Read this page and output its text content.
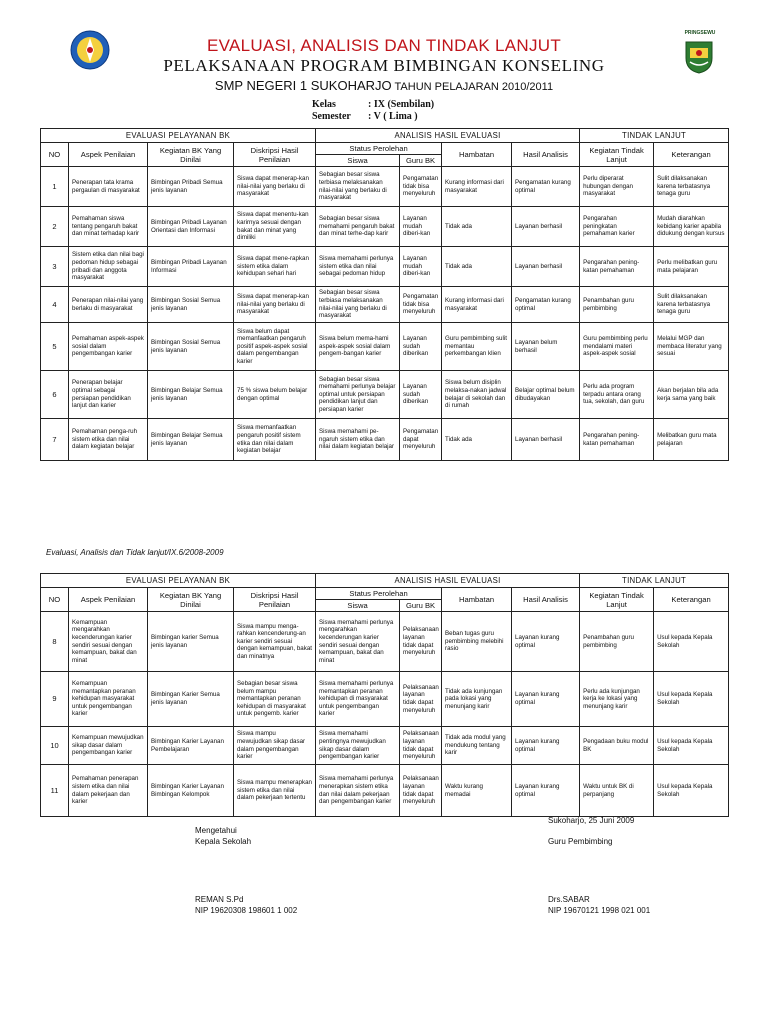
PRINGSEWU
EVALUASI, ANALISIS DAN TINDAK LANJUT
PELAKSANAAN PROGRAM BIMBINGAN KONSELING
SMP NEGERI 1 SUKOHARJO TAHUN PELAJARAN 2010/2011
Kelas	: IX (Sembilan)
Semester : V ( Lima )
EVALUASI PELAYANAN BK				ANALISIS HASIL EVALUASI				TINDAK LANJUT	
NO	Aspek Penilaian	Kegiatan BK Yang Dinilai	Diskripsi Hasil Penilaian	Status Perolehan		Hambatan	Hasil Analisis	Kegiatan Tindak Lanjut	Keterangan
				Siswa	Guru BK				
1	Penerapan tata krama pergaulan di masyarakat	Bimbingan Pribadi Semua jenis layanan	Siswa dapat menerap-kan nilai-nilai yang berlaku di masyarakat	Sebagian besar siswa terbiasa melaksanakan nilai-nilai yang berlaku di masyarakat	Pengamatan tidak bisa menyeluruh	Kurang informasi dari masyarakat	Pengamatan kurang optimal	Perlu diperarat hubungan dengan masyarakat	Sulit dilaksanakan karena terbatasnya tenaga guru
2	Pemahaman siswa tentang pengaruh bakat dan minat terhadap karir	Bimbingan Pribadi Layanan Orientasi dan Informasi	Siswa dapat menentu-kan karirnya sesuai dengan bakat dan minat yang dimiliki	Sebagian besar siswa memahami pengaruh bakat dan minat terhe-dap karir	Layanan mudah diberi-kan	Tidak ada	Layanan berhasil	Pengarahan peningkatan pemahaman karier	Mudah diarahkan kebidang karier apabila didukung dengan kursus
3	Sistem etika dan nilai bagi pedoman hidup sebagai pribadi dan anggota masyarakat	Bimbingan Pribadi Layanan Informasi	Siswa dapat mene-rapkan sistem etika dalam kehidupan sehari hari	Siswa memahami perlunya sistem etika dan nilai sebagai pedoman hidup	Layanan mudah diberi-kan	Tidak ada	Layanan berhasil	Pengarahan pening-katan pemahaman	Perlu melibatkan guru mata pelajaran
4	Penerapan nilai-nilai yang berlaku di masyarakat	Bimbingan Sosial Semua jenis layanan	Siswa dapat menerap-kan nilai-nilai yang berlaku di masyarakat	Sebagian besar siswa terbiasa melaksanakan nilai-nilai yang berlaku di masyarakat	Pengamatan tidak bisa menyeluruh	Kurang informasi dari masyarakat	Pengamatan kurang optimal	Penambahan guru pembimbing	Sulit dilaksanakan karena terbatasnya tenaga guru
5	Pemahaman aspek-aspek sosial dalam pengembangan karier	Bimbingan Sosial Semua jenis layanan	Siswa belum dapat memanfaatkan pengaruh positif aspek-aspek sosial dalam pengembangan karier	Siswa belum mema-hami aspek-aspek sosial dalam pengem-bangan karier	Layanan sudah diberikan	Guru pembimbing sulit memantau perkembangan klien	Layanan belum berhasil	Guru pembimbing perlu mendalami materi aspek-aspek sosial	Melalui MGP dan membaca literatur yang sesuai
6	Penerapan belajar optimal sebagai persiapan pendidikan lanjut dan karier	Bimbingan Belajar Semua jenis layanan	75 % siswa belum belajar dengan optimal	Sebagian besar siswa memahami perlunya belajar optimal untuk persiapan pendidikan lanjut dan persiapan karier	Layanan sudah diberikan	Siswa belum disiplin melaksa-nakan jadwal belajar di sekolah dan di rumah	Belajar optimal belum dibudayakan	Perlu ada program terpadu antara orang tua, sekolah, dan guru	Akan berjalan bila ada kerja sama yang baik
7	Pemahaman penga-ruh sistem etika dan nilai dalam kegiatan belajar	Bimbingan Belajar Semua jenis layanan	Siswa memanfaatkan pengaruh positif sistem etika dan nilai dalam kegiatan belajar	Siswa memahami pe-ngaruh sistem etika dan nilai dalam kegiatan belajar	Pengamatan dapat menyeluruh	Tidak ada	Layanan berhasil	Pengarahan pening-katan pemahaman	Melibatkan guru mata pelajaran
Evaluasi, Analisis dan Tidak lanjut/IX.6/2008-2009
EVALUASI PELAYANAN BK				ANALISIS HASIL EVALUASI				TINDAK LANJUT	
NO	Aspek Penilaian	Kegiatan BK Yang Dinilai	Diskripsi Hasil Penilaian	Status Perolehan		Hambatan	Hasil Analisis	Kegiatan Tindak Lanjut	Keterangan
				Siswa	Guru BK				
8	Kemampuan mengarahkan kecenderungan karier sendiri sesuai dengan kemampuan, bakat dan minat	Bimbingan karier Semua jenis layanan	Siswa mampu menga-rahkan kencenderung-an karier sendiri sesuai dengan kemampuan, bakat dan minatnya	Siswa memahami perlunya mengarahkan kecenderungan karier sendiri sesuai dengan kemampuan, bakat dan minat	Pelaksanaan layanan tidak dapat menyeluruh	Beban tugas guru pembimbing melebihi rasio	Layanan kurang optimal	Penambahan guru pembimbing	Usul kepada Kepala Sekolah
9	Kemampuan memantapkan peranan kehidupan masyarakat untuk pengembangan karier	Bimbingan Karier Semua jenis layanan	Sebagian besar siswa belum mampu memantapkan peranan kehidupan di masyarakat untuk pengemb. karier	Siswa memahami perlunya memantapkan peranan kehidupan di masyarakat untuk pengembangan karier	Pelaksanaan layanan tidak dapat menyeluruh	Tidak ada kunjungan pada lokasi yang menunjang karir	Layanan kurang optimal	Perlu ada kunjungan kerja ke lokasi yang menunjang karir	Usul kepada Kepala Sekolah
10	Kemampuan mewujudkan sikap dasar dalam pengembangan karier	Bimbingan Karier Layanan Pembelajaran	Siswa mampu mewujudkan sikap dasar dalam pengembangan karier	Siswa memahami pentingnya mewujudkan sikap dasar dalam pengembangan karier	Pelaksanaan layanan tidak dapat menyeluruh	Tidak ada modul yang mendukung tentang karir	Layanan kurang optimal	Pengadaan buku modul BK	Usul kepada Kepala Sekolah
11	Pemahaman penerapan sistem etika dan nilai dalam pekerjaan dan karier	Bimbingan Karier Layanan Bimbingan Kelompok	Siswa mampu menerapkan sistem etika dan nilai dalam pekerjaan tertentu	Siswa memahami perlunya menerapkan sistem etika dan nilai dalam pekerjaan dan pengembangan karier	Pelaksanaan layanan tidak dapat menyeluruh	Waktu kurang memadai	Layanan kurang optimal	Waktu untuk BK di perpanjang	Usul kepada Kepala Sekolah
Sukoharjo, 25 Juni 2009
Mengetahui
Kepala Sekolah	Guru Pembimbing
REMAN S.Pd
NIP 19620308 198601 1 002
Drs.SABAR
NIP 19670121 1998 021 001
